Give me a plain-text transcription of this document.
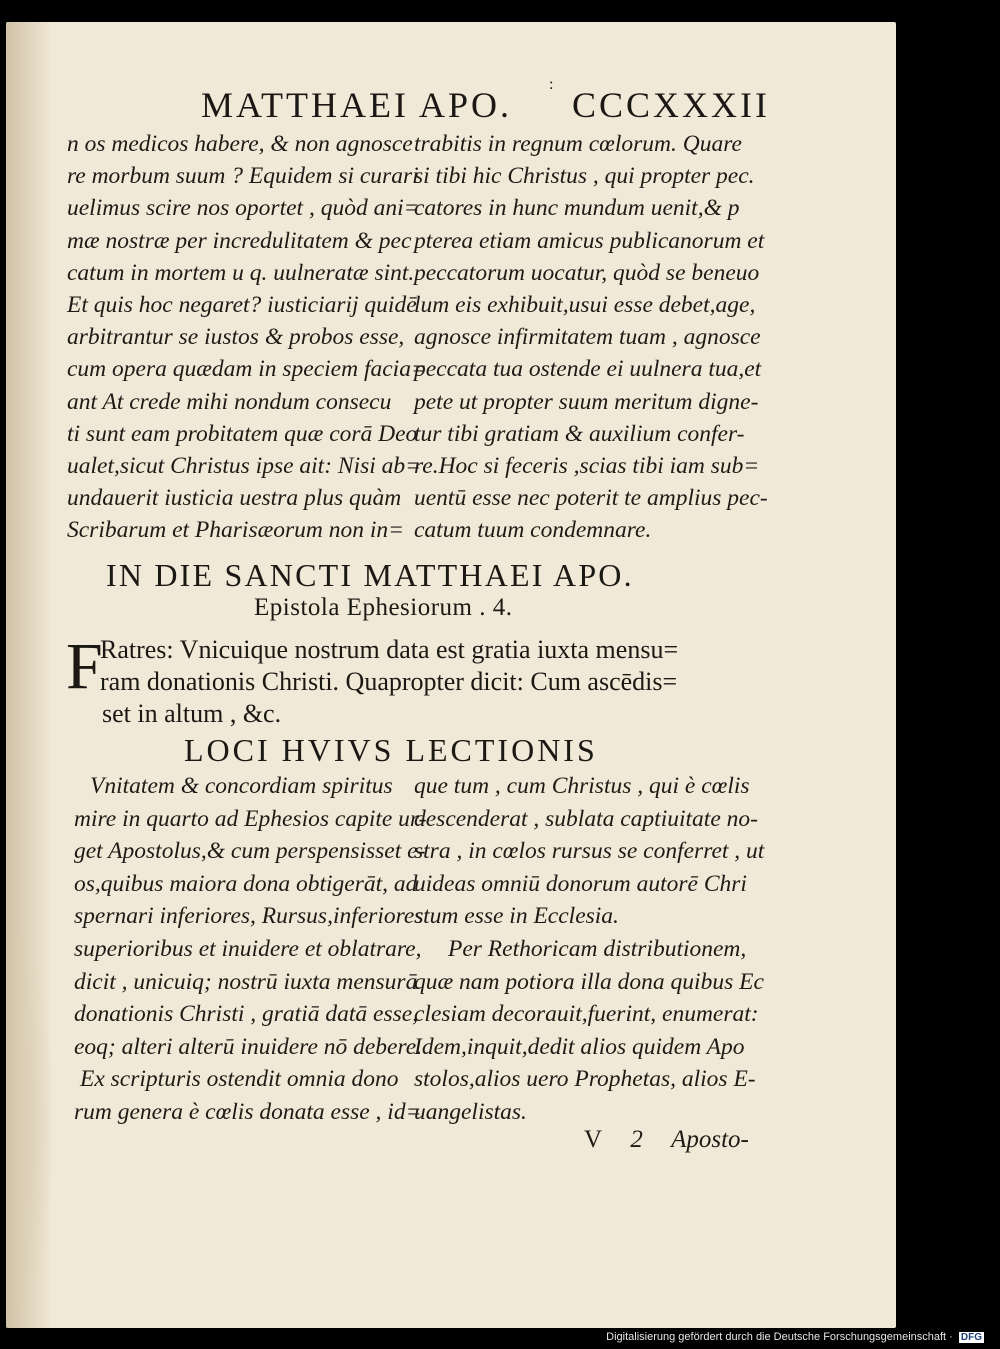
MATTHAEI APO.
:
CCCXXXII
n os medicos habere, & non agnosce
re morbum suum ? Equidem si curari
uelimus scire nos oportet , quòd ani=
mæ nostræ per incredulitatem & pec
catum in mortem u q. uulneratæ sint.
Et quis hoc negaret? iusticiarij quidē
arbitrantur se iustos & probos esse,
cum opera quædam in speciem facia=
ant At crede mihi nondum consecu
ti sunt eam probitatem quæ corā Deo
ualet,sicut Christus ipse ait: Nisi ab=
undauerit iusticia uestra plus quàm
Scribarum et Pharisæorum non in=
trabitis in regnum cœlorum. Quare
si tibi hic Christus , qui propter pec.
catores in hunc mundum uenit,& p
pterea etiam amicus publicanorum et
peccatorum uocatur, quòd se beneuo
lum eis exhibuit,usui esse debet,age,
agnosce infirmitatem tuam , agnosce
peccata tua ostende ei uulnera tua,et
pete ut propter suum meritum digne-
tur tibi gratiam & auxilium confer-
re.Hoc si feceris ,scias tibi iam sub=
uentū esse nec poterit te amplius pec-
catum tuum condemnare.
IN DIE SANCTI MATTHAEI APO.
Epistola Ephesiorum . 4.
F
Ratres: Vnicuique nostrum data est gratia iuxta mensu=
ram donationis Christi. Quapropter dicit: Cum ascēdis=
set in altum , &c.
LOCI HVIVS LECTIONIS
Vnitatem & concordiam spiritus
mire in quarto ad Ephesios capite ur-
get Apostolus,& cum perspensisset e-
os,quibus maiora dona obtigerāt, ad
spernari inferiores, Rursus,inferiores
superioribus et inuidere et oblatrare,
dicit , unicuiq; nostrū iuxta mensurā
donationis Christi , gratiā datā esse,
eoq; alteri alterū inuidere nō debere.
Ex scripturis ostendit omnia dono
rum genera è cœlis donata esse , id=
que tum , cum Christus , qui è cœlis
descenderat , sublata captiuitate no-
stra , in cœlos rursus se conferret , ut
uideas omniū donorum autorē Chri
stum esse in Ecclesia.
Per Rethoricam distributionem,
quæ nam potiora illa dona quibus Ec
clesiam decorauit,fuerint, enumerat:
Idem,inquit,dedit alios quidem Apo
stolos,alios uero Prophetas, alios E-
uangelistas.
V 2 Aposto-
Digitalisierung gefördert durch die Deutsche Forschungsgemeinschaft · DFG
